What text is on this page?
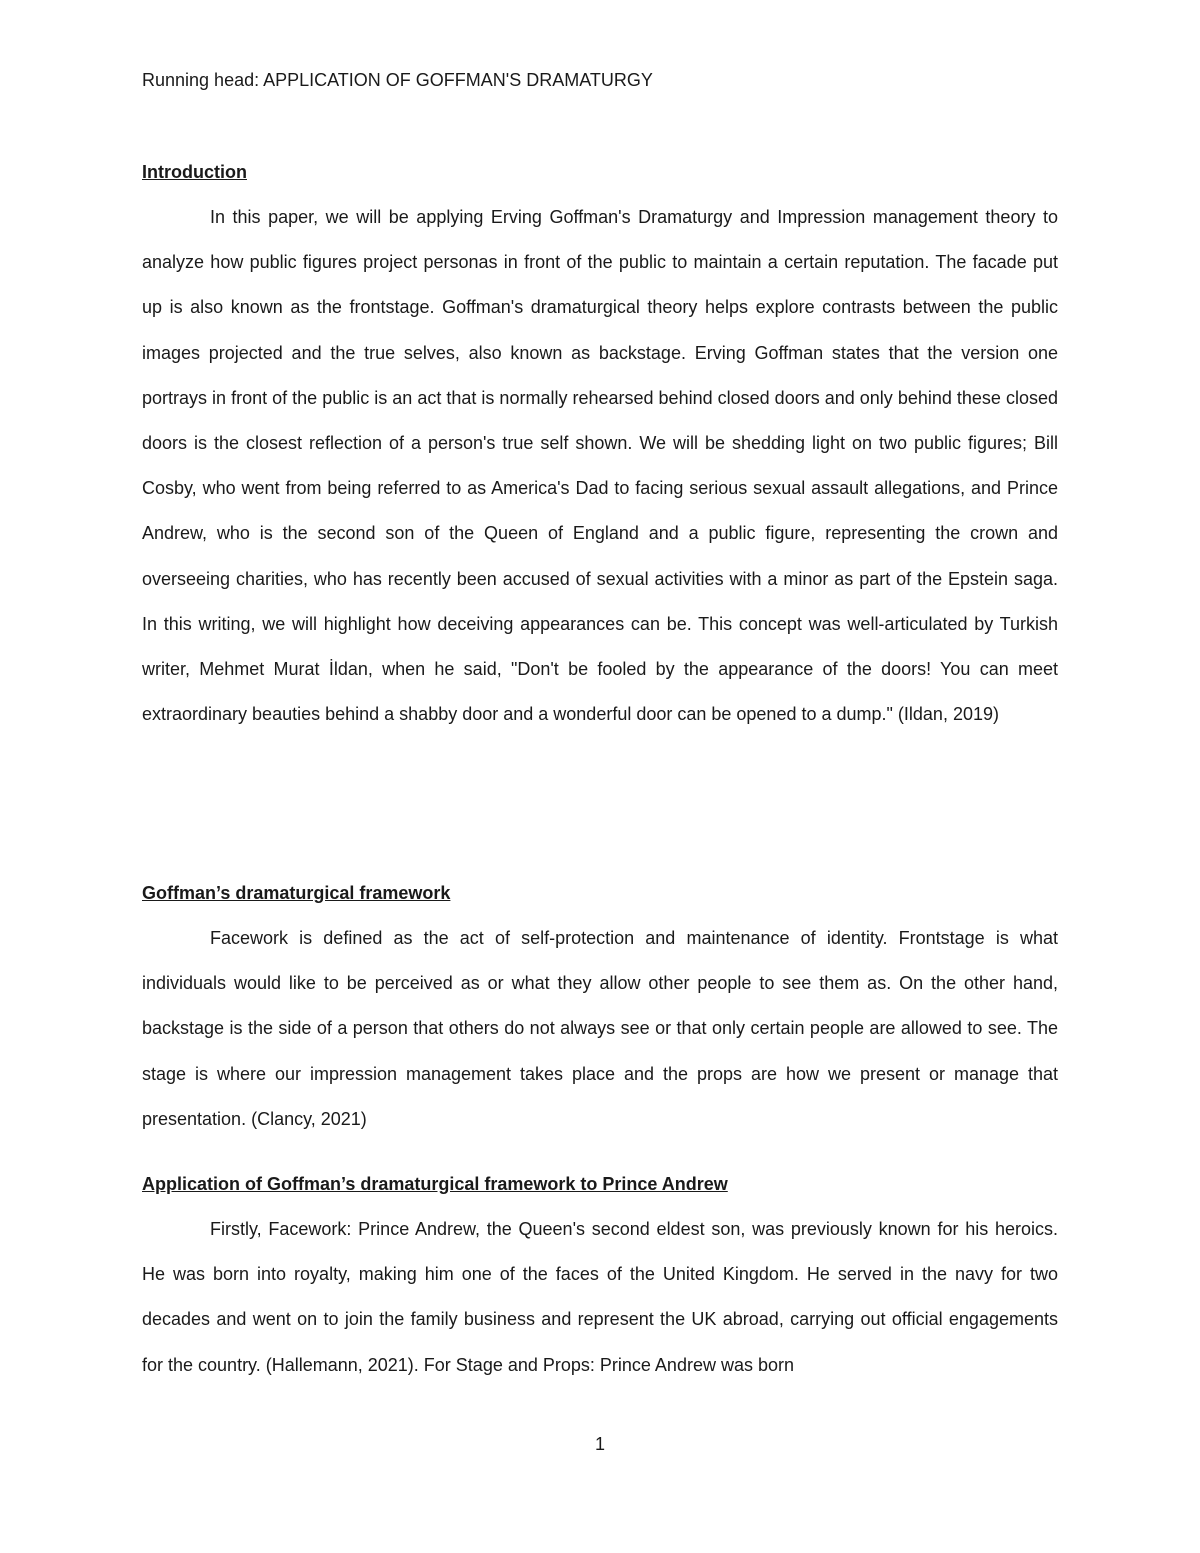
Running head: APPLICATION OF GOFFMAN'S DRAMATURGY
Introduction

In this paper, we will be applying Erving Goffman's Dramaturgy and Impression management theory to analyze how public figures project personas in front of the public to maintain a certain reputation. The facade put up is also known as the frontstage. Goffman's dramaturgical theory helps explore contrasts between the public images projected and the true selves, also known as backstage. Erving Goffman states that the version one portrays in front of the public is an act that is normally rehearsed behind closed doors and only behind these closed doors is the closest reflection of a person's true self shown. We will be shedding light on two public figures; Bill Cosby, who went from being referred to as America's Dad to facing serious sexual assault allegations, and Prince Andrew, who is the second son of the Queen of England and a public figure, representing the crown and overseeing charities, who has recently been accused of sexual activities with a minor as part of the Epstein saga. In this writing, we will highlight how deceiving appearances can be. This concept was well-articulated by Turkish writer, Mehmet Murat İldan, when he said, "Don't be fooled by the appearance of the doors! You can meet extraordinary beauties behind a shabby door and a wonderful door can be opened to a dump." (Ildan, 2019)

Goffman’s dramaturgical framework

Facework is defined as the act of self-protection and maintenance of identity. Frontstage is what individuals would like to be perceived as or what they allow other people to see them as. On the other hand, backstage is the side of a person that others do not always see or that only certain people are allowed to see. The stage is where our impression management takes place and the props are how we present or manage that presentation. (Clancy, 2021)

Application of Goffman’s dramaturgical framework to Prince Andrew

Firstly, Facework: Prince Andrew, the Queen's second eldest son, was previously known for his heroics. He was born into royalty, making him one of the faces of the United Kingdom. He served in the navy for two decades and went on to join the family business and represent the UK abroad, carrying out official engagements for the country. (Hallemann, 2021). For Stage and Props: Prince Andrew was born

1
